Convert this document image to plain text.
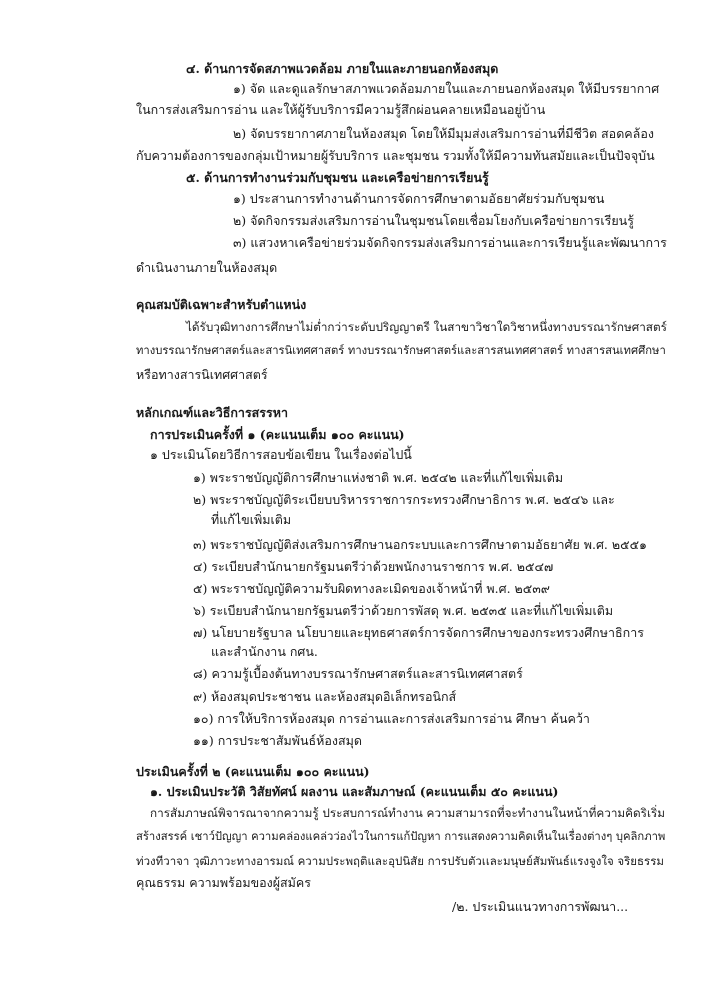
๔. ด้านการจัดสภาพแวดล้อม ภายในและภายนอกห้องสมุด
๑) จัด และดูแลรักษาสภาพแวดล้อมภายในและภายนอกห้องสมุด ให้มีบรรยากาศ
ในการส่งเสริมการอ่าน และให้ผู้รับบริการมีความรู้สึกผ่อนคลายเหมือนอยู่บ้าน
๒) จัดบรรยากาศภายในห้องสมุด โดยให้มีมุมส่งเสริมการอ่านที่มีชีวิต สอดคล้อง
กับความต้องการของกลุ่มเป้าหมายผู้รับบริการ และชุมชน รวมทั้งให้มีความทันสมัยและเป็นปัจจุบัน
๕. ด้านการทำงานร่วมกับชุมชน และเครือข่ายการเรียนรู้
๑) ประสานการทำงานด้านการจัดการศึกษาตามอัธยาศัยร่วมกับชุมชน
๒) จัดกิจกรรมส่งเสริมการอ่านในชุมชนโดยเชื่อมโยงกับเครือข่ายการเรียนรู้
๓) แสวงหาเครือข่ายร่วมจัดกิจกรรมส่งเสริมการอ่านและการเรียนรู้และพัฒนาการ
ดำเนินงานภายในห้องสมุด
คุณสมบัติเฉพาะสำหรับตำแหน่ง
ได้รับวุฒิทางการศึกษาไม่ต่ำกว่าระดับปริญญาตรี ในสาขาวิชาใดวิชาหนึ่งทางบรรณารักษศาสตร์
ทางบรรณารักษศาสตร์และสารนิเทศศาสตร์ ทางบรรณารักษศาสตร์และสารสนเทศศาสตร์ ทางสารสนเทศศึกษา
หรือทางสารนิเทศศาสตร์
หลักเกณฑ์และวิธีการสรรหา
การประเมินครั้งที่ ๑ (คะแนนเต็ม ๑๐๐ คะแนน)
๑ ประเมินโดยวิธีการสอบข้อเขียน ในเรื่องต่อไปนี้
๑) พระราชบัญญัติการศึกษาแห่งชาติ พ.ศ. ๒๕๔๒ และที่แก้ไขเพิ่มเติม
๒) พระราชบัญญัติระเบียบบริหารราชการกระทรวงศึกษาธิการ พ.ศ. ๒๕๔๖ และ
ที่แก้ไขเพิ่มเติม
๓) พระราชบัญญัติส่งเสริมการศึกษานอกระบบและการศึกษาตามอัธยาศัย พ.ศ. ๒๕๕๑
๔) ระเบียบสำนักนายกรัฐมนตรีว่าด้วยพนักงานราชการ พ.ศ. ๒๕๔๗
๕) พระราชบัญญัติความรับผิดทางละเมิดของเจ้าหน้าที่ พ.ศ. ๒๕๓๙
๖) ระเบียบสำนักนายกรัฐมนตรีว่าด้วยการพัสดุ พ.ศ. ๒๕๓๕ และที่แก้ไขเพิ่มเติม
๗) นโยบายรัฐบาล นโยบายและยุทธศาสตร์การจัดการศึกษาของกระทรวงศึกษาธิการ
และสำนักงาน กศน.
๘) ความรู้เบื้องต้นทางบรรณารักษศาสตร์และสารนิเทศศาสตร์
๙) ห้องสมุดประชาชน และห้องสมุดอิเล็กทรอนิกส์
๑๐) การให้บริการห้องสมุด การอ่านและการส่งเสริมการอ่าน ศึกษา ค้นคว้า
๑๑) การประชาสัมพันธ์ห้องสมุด
ประเมินครั้งที่ ๒ (คะแนนเต็ม ๑๐๐ คะแนน)
๑. ประเมินประวัติ วิสัยทัศน์ ผลงาน และสัมภาษณ์ (คะแนนเต็ม ๕๐ คะแนน)
การสัมภาษณ์พิจารณาจากความรู้ ประสบการณ์ทำงาน ความสามารถที่จะทำงานในหน้าที่ความคิดริเริ่ม
สร้างสรรค์ เชาว์ปัญญา ความคล่องแคล่วว่องไวในการแก้ปัญหา การแสดงความคิดเห็นในเรื่องต่างๆ บุคลิกภาพ
ท่วงทีวาจา วุฒิภาวะทางอารมณ์ ความประพฤติและอุปนิสัย การปรับตัวเเละมนุษย์สัมพันธ์แรงจูงใจ จริยธรรม
คุณธรรม ความพร้อมของผู้สมัคร
/๒. ประเมินแนวทางการพัฒนา...
